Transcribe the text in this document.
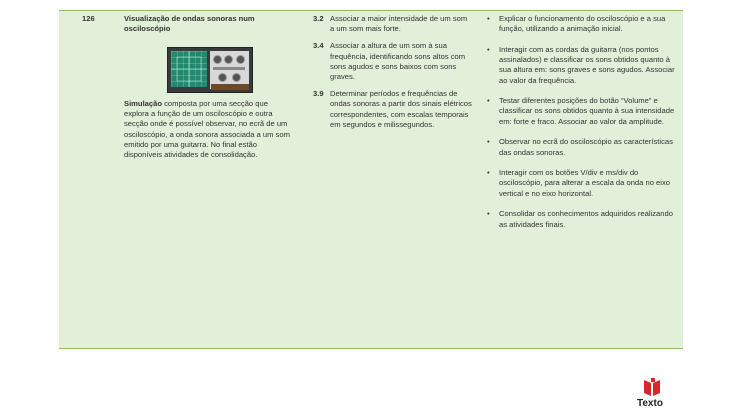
126	Visualização de ondas sonoras num osciloscópio
Simulação composta por uma secção que explora a função de um osciloscópio e outra secção onde é possível observar, no ecrã de um osciloscópio, a onda sonora associada a um som emitido por uma guitarra. No final estão disponíveis atividades de consolidação.
3.2 Associar a maior intensidade de um som a um som mais forte.
3.4 Associar a altura de um som à sua frequência, identificando sons altos com sons agudos e sons baixos com sons graves.
3.9 Determinar períodos e frequências de ondas sonoras a partir dos sinais elétricos correspondentes, com escalas temporais em segundos e milissegundos.
• Explicar o funcionamento do osciloscópio e a sua função, utilizando a animação inicial.
• Interagir com as cordas da guitarra (nos pontos assinalados) e classificar os sons obtidos quanto à sua altura em: sons graves e sons agudos. Associar ao valor da frequência.
• Testar diferentes posições do botão “Volume” e classificar os sons obtidos quanto à sua intensidade em: forte e fraco. Associar ao valor da amplitude.
• Observar no ecrã do osciloscópio as características das ondas sonoras.
• Interagir com os botões V/div e ms/div do osciloscópio, para alterar a escala da onda no eixo vertical e no eixo horizontal.
• Consolidar os conhecimentos adquiridos realizando as atividades finais.
Texto
